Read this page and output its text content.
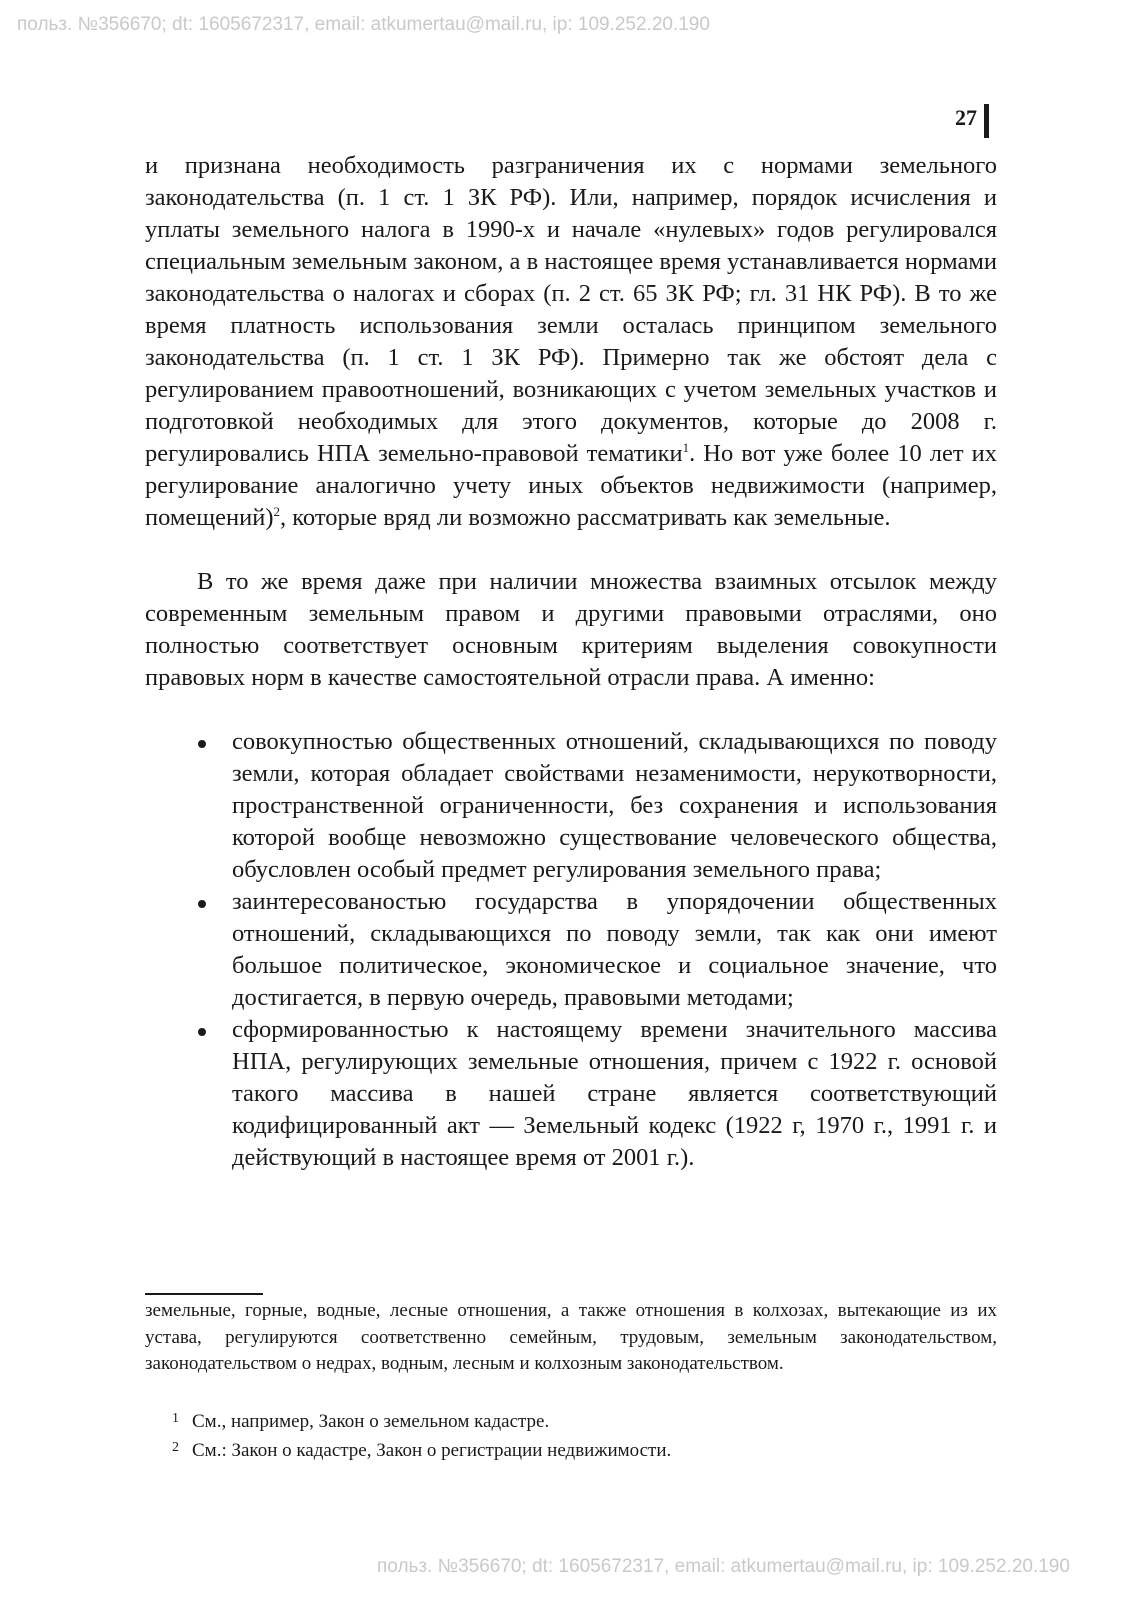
польз. №356670; dt: 1605672317, email: atkumertau@mail.ru, ip: 109.252.20.190
27

и признана необходимость разграничения их с нормами земельного законодательства (п. 1 ст. 1 ЗК РФ). Или, например, порядок исчисления и уплаты земельного налога в 1990-х и начале «нулевых» годов регулировался специальным земельным законом, а в настоящее время устанавливается нормами законодательства о налогах и сборах (п. 2 ст. 65 ЗК РФ; гл. 31 НК РФ). В то же время платность использования земли осталась принципом земельного законодательства (п. 1 ст. 1 ЗК РФ). Примерно так же обстоят дела с регулированием правоотношений, возникающих с учетом земельных участков и подготовкой необходимых для этого документов, которые до 2008 г. регулировались НПА земельно-правовой тематики$^1$. Но вот уже более 10 лет их регулирование аналогично учету иных объектов недвижимости (например, помещений)$^2$, которые вряд ли возможно рассматривать как земельные.

В то же время даже при наличии множества взаимных отсылок между современным земельным правом и другими правовыми отраслями, оно полностью соответствует основным критериям выделения совокупности правовых норм в качестве самостоятельной отрасли права. А именно:

совокупностью общественных отношений, складывающихся по поводу земли, которая обладает свойствами незаменимости, нерукотворности, пространственной ограниченности, без сохранения и использования которой вообще невозможно существование человеческого общества, обусловлен особый предмет регулирования земельного права;
заинтересованостью государства в упорядочении общественных отношений, складывающихся по поводу земли, так как они имеют большое политическое, экономическое и социальное значение, что достигается, в первую очередь, правовыми методами;
сформированностью к настоящему времени значительного массива НПА, регулирующих земельные отношения, причем с 1922 г. основой такого массива в нашей стране является соответствующий кодифицированный акт — Земельный кодекс (1922 г, 1970 г., 1991 г. и действующий в настоящее время от 2001 г.).

земельные, горные, водные, лесные отношения, а также отношения в колхозах, вытекающие из их устава, регулируются соответственно семейным, трудовым, земельным законодательством, законодательством о недрах, водным, лесным и колхозным законодательством.

1 См., например, Закон о земельном кадастре.

2 См.: Закон о кадастре, Закон о регистрации недвижимости.

польз. №356670; dt: 1605672317, email: atkumertau@mail.ru, ip: 109.252.20.190
